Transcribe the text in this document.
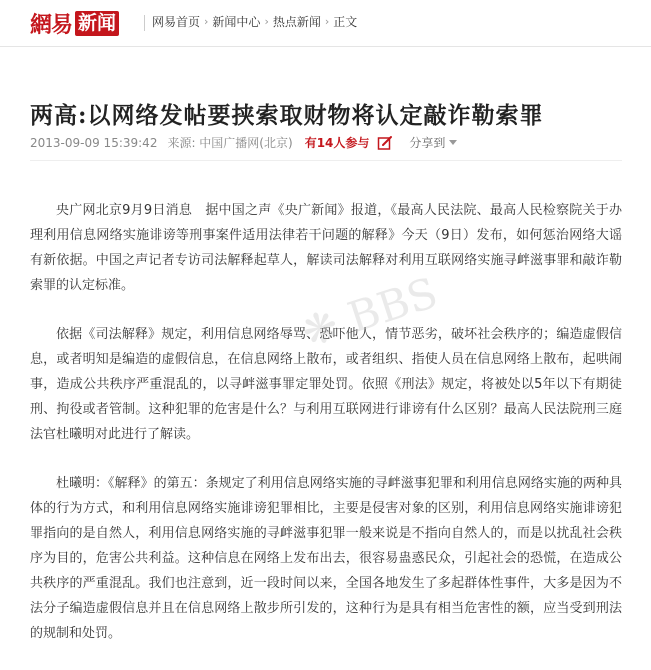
網易 新闻	网易首页 › 新闻中心 › 热点新闻 › 正文
两高:以网络发帖要挟索取财物将认定敲诈勒索罪
2013-09-09 15:39:42 来源: 中国广播网(北京) 有14人参与	分享到

央广网北京9月9日消息　据中国之声《央广新闻》报道，《最高人民法院、最高人民检察院关于办理利用信息网络实施诽谤等刑事案件适用法律若干问题的解释》今天（9日）发布，如何惩治网络大谣有新依据。中国之声记者专访司法解释起草人，解读司法解释对利用互联网络实施寻衅滋事罪和敲诈勒索罪的认定标准。

依据《司法解释》规定，利用信息网络辱骂、恐吓他人，情节恶劣，破坏社会秩序的；编造虚假信息，或者明知是编造的虚假信息，在信息网络上散布，或者组织、指使人员在信息网络上散布，起哄闹事，造成公共秩序严重混乱的，以寻衅滋事罪定罪处罚。依照《刑法》规定，将被处以5年以下有期徒刑、拘役或者管制。这种犯罪的危害是什么？与利用互联网进行诽谤有什么区别？最高人民法院刑三庭法官杜曦明对此进行了解读。

杜曦明：《解释》的第五：条规定了利用信息网络实施的寻衅滋事犯罪和利用信息网络实施的两种具体的行为方式，和利用信息网络实施诽谤犯罪相比，主要是侵害对象的区别，利用信息网络实施诽谤犯罪指向的是自然人，利用信息网络实施的寻衅滋事犯罪一般来说是不指向自然人的，而是以扰乱社会秩序为目的，危害公共利益。这种信息在网络上发布出去，很容易蛊惑民众，引起社会的恐慌，在造成公共秩序的严重混乱。我们也注意到，近一段时间以来，全国各地发生了多起群体性事件，大多是因为不法分子编造虚假信息并且在信息网络上散步所引发的，这种行为是具有相当危害性的额，应当受到刑法的规制和处罚。

❋ BBS
